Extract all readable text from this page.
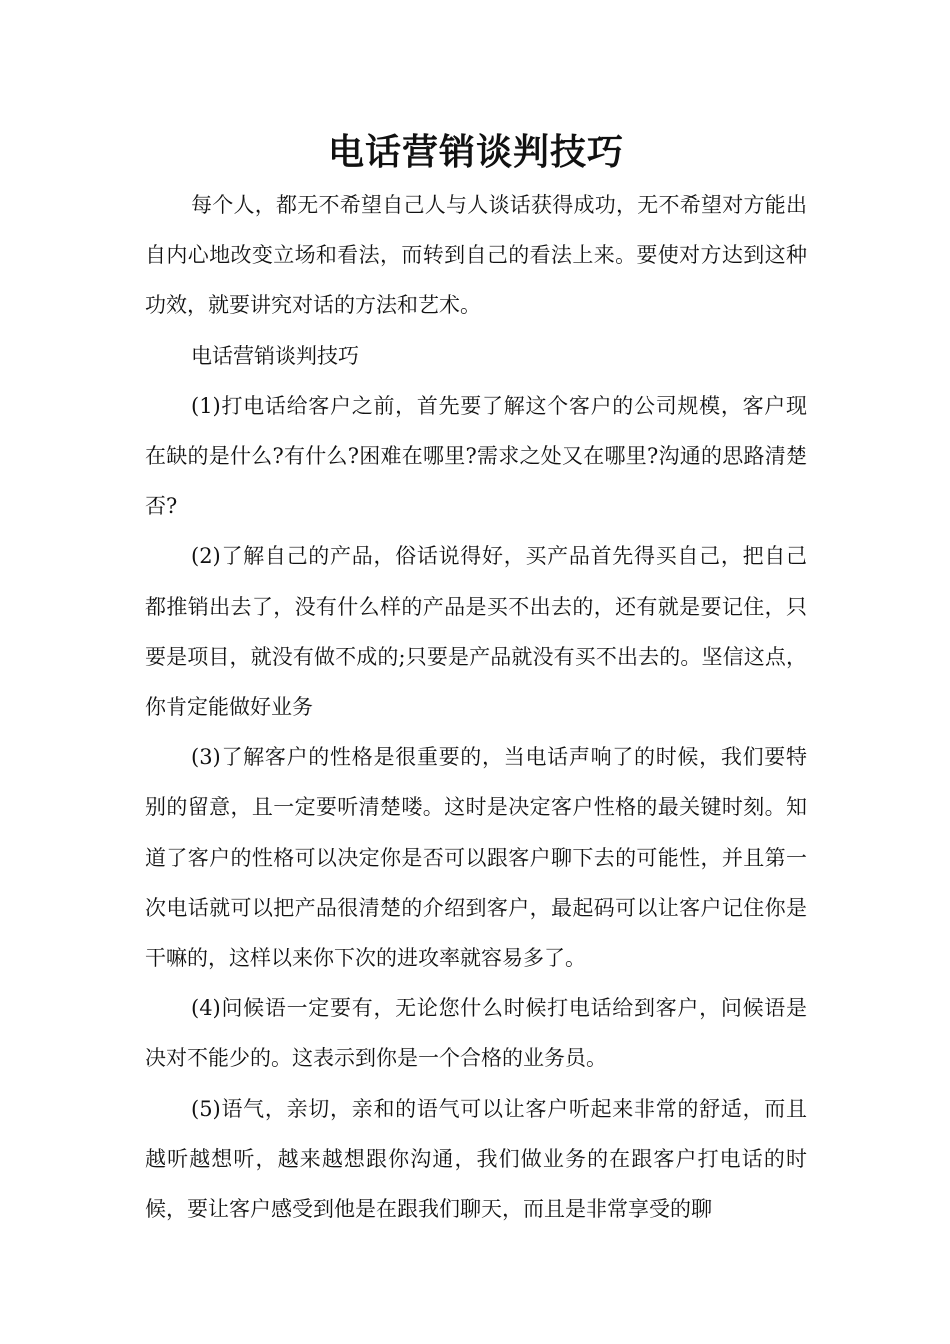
电话营销谈判技巧

每个人，都无不希望自己人与人谈话获得成功，无不希望对方能出自内心地改变立场和看法，而转到自己的看法上来。要使对方达到这种功效，就要讲究对话的方法和艺术。

电话营销谈判技巧

(1)打电话给客户之前，首先要了解这个客户的公司规模，客户现在缺的是什么?有什么?困难在哪里?需求之处又在哪里?沟通的思路清楚否?

(2)了解自己的产品，俗话说得好，买产品首先得买自己，把自己都推销出去了，没有什么样的产品是买不出去的，还有就是要记住，只要是项目，就没有做不成的;只要是产品就没有买不出去的。坚信这点，你肯定能做好业务

(3)了解客户的性格是很重要的，当电话声响了的时候，我们要特别的留意，且一定要听清楚喽。这时是决定客户性格的最关键时刻。知道了客户的性格可以决定你是否可以跟客户聊下去的可能性，并且第一次电话就可以把产品很清楚的介绍到客户，最起码可以让客户记住你是干嘛的，这样以来你下次的进攻率就容易多了。

(4)问候语一定要有，无论您什么时候打电话给到客户，问候语是决对不能少的。这表示到你是一个合格的业务员。

(5)语气，亲切，亲和的语气可以让客户听起来非常的舒适，而且越听越想听，越来越想跟你沟通，我们做业务的在跟客户打电话的时候，要让客户感受到他是在跟我们聊天，而且是非常享受的聊
